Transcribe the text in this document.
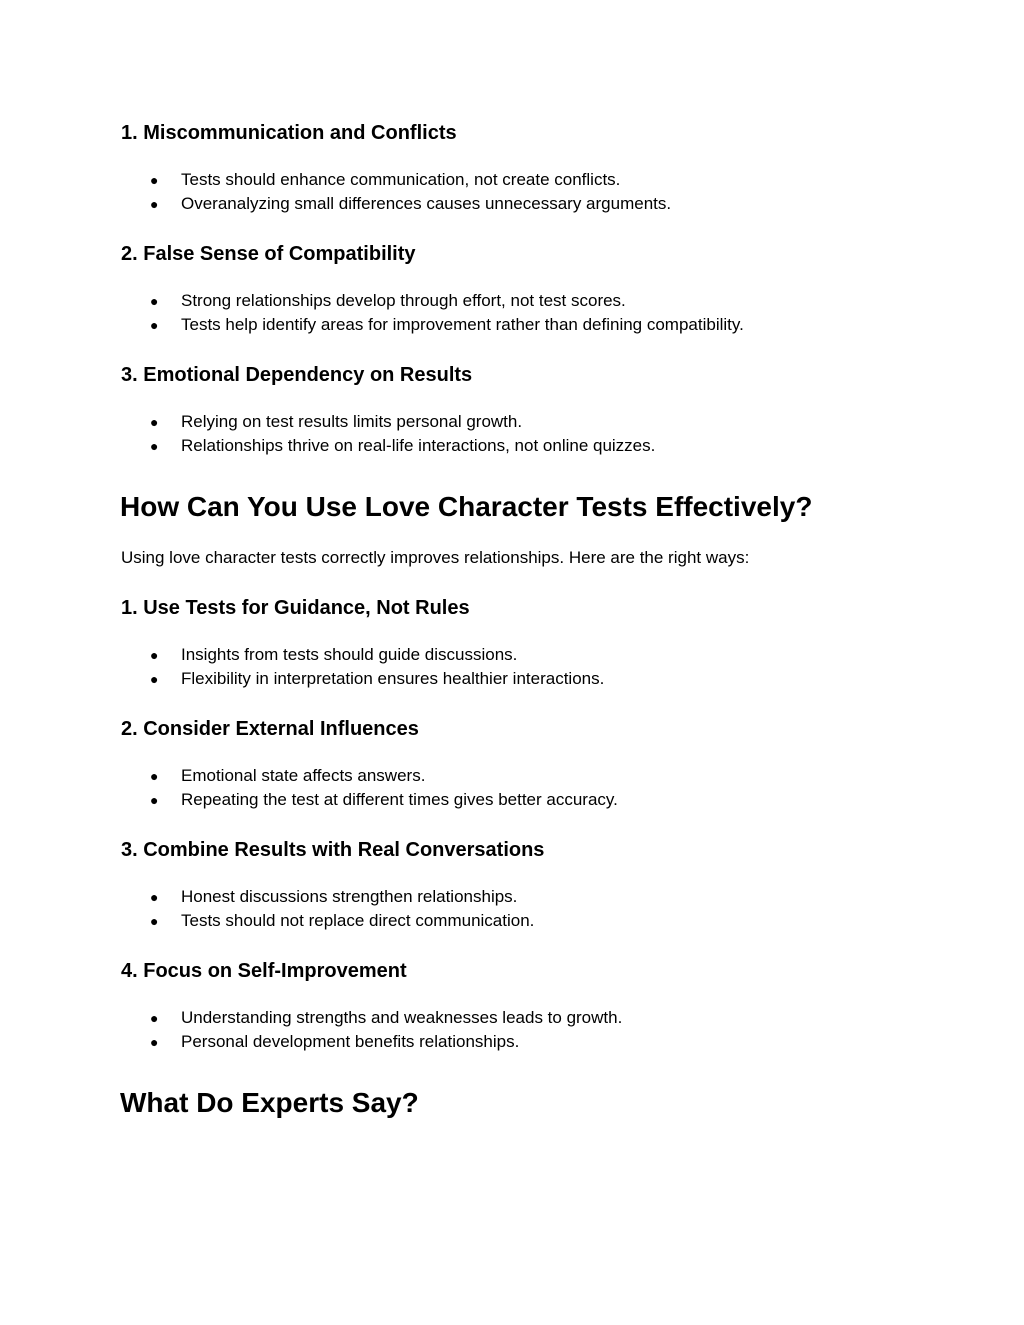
1. Miscommunication and Conflicts
●	Tests should enhance communication, not create conflicts.
●	Overanalyzing small differences causes unnecessary arguments.
2. False Sense of Compatibility
●	Strong relationships develop through effort, not test scores.
●	Tests help identify areas for improvement rather than defining compatibility.
3. Emotional Dependency on Results
●	Relying on test results limits personal growth.
●	Relationships thrive on real-life interactions, not online quizzes.
How Can You Use Love Character Tests Effectively?

Using love character tests correctly improves relationships. Here are the right ways:

1. Use Tests for Guidance, Not Rules
●	Insights from tests should guide discussions.
●	Flexibility in interpretation ensures healthier interactions.
2. Consider External Influences
●	Emotional state affects answers.
●	Repeating the test at different times gives better accuracy.
3. Combine Results with Real Conversations
●	Honest discussions strengthen relationships.
●	Tests should not replace direct communication.
4. Focus on Self-Improvement
●	Understanding strengths and weaknesses leads to growth.
●	Personal development benefits relationships.
What Do Experts Say?
